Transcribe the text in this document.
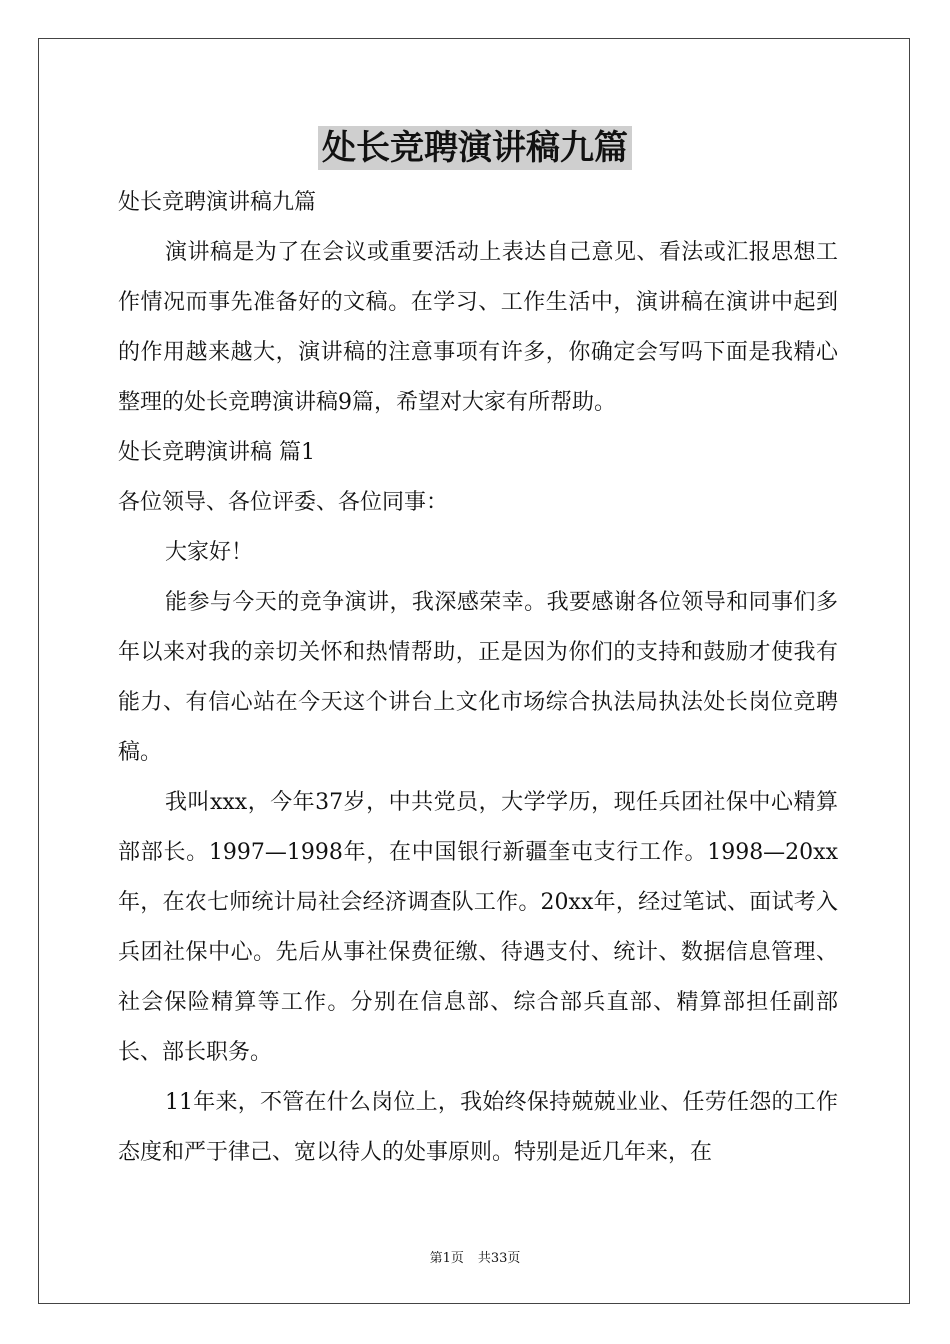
处长竞聘演讲稿九篇

处长竞聘演讲稿九篇

演讲稿是为了在会议或重要活动上表达自己意见、看法或汇报思想工作情况而事先准备好的文稿。在学习、工作生活中，演讲稿在演讲中起到的作用越来越大，演讲稿的注意事项有许多，你确定会写吗下面是我精心整理的处长竞聘演讲稿9篇，希望对大家有所帮助。

处长竞聘演讲稿 篇1

各位领导、各位评委、各位同事：

大家好！

能参与今天的竞争演讲，我深感荣幸。我要感谢各位领导和同事们多年以来对我的亲切关怀和热情帮助，正是因为你们的支持和鼓励才使我有能力、有信心站在今天这个讲台上文化市场综合执法局执法处长岗位竞聘稿。

我叫xxx，今年37岁，中共党员，大学学历，现任兵团社保中心精算部部长。1997—1998年，在中国银行新疆奎屯支行工作。1998—20xx年，在农七师统计局社会经济调查队工作。20xx年，经过笔试、面试考入兵团社保中心。先后从事社保费征缴、待遇支付、统计、数据信息管理、社会保险精算等工作。分别在信息部、综合部兵直部、精算部担任副部长、部长职务。

11年来，不管在什么岗位上，我始终保持兢兢业业、任劳任怨的工作态度和严于律己、宽以待人的处事原则。特别是近几年来，在

第1页 共33页
